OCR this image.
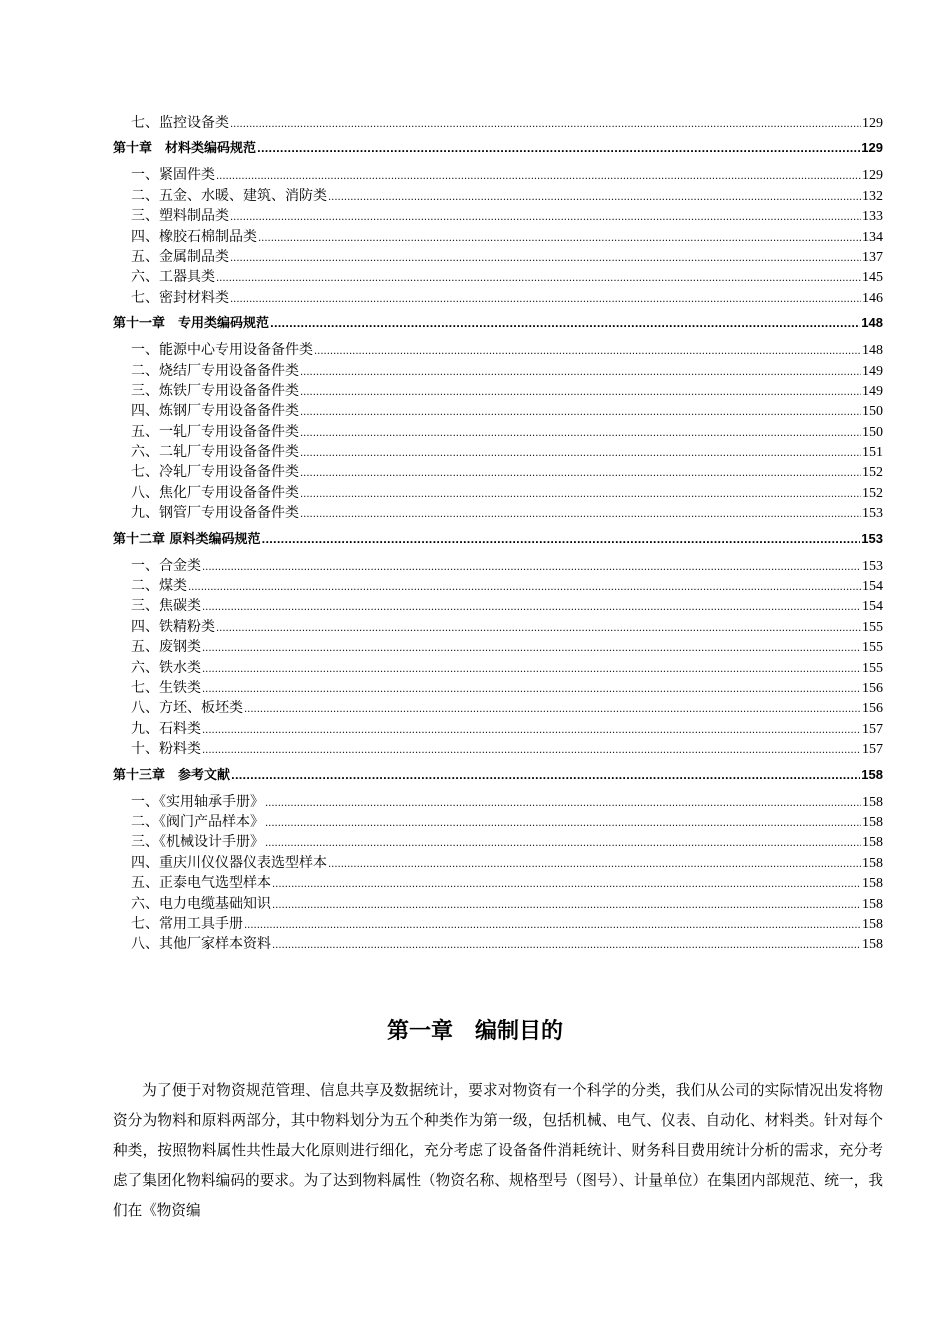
七、监控设备类 .....	129
第十章　材料类编码规范 .....	129
一、紧固件类 .....	129
二、五金、水暖、建筑、消防类 .....	132
三、塑料制品类 .....	133
四、橡胶石棉制品类 .....	134
五、金属制品类 .....	137
六、工器具类 .....	145
七、密封材料类 .....	146
第十一章　专用类编码规范 .....	148
一、能源中心专用设备备件类 .....	148
二、烧结厂专用设备备件类 .....	149
三、炼铁厂专用设备备件类 .....	149
四、炼钢厂专用设备备件类 .....	150
五、一轧厂专用设备备件类 .....	150
六、二轧厂专用设备备件类 .....	151
七、冷轧厂专用设备备件类 .....	152
八、焦化厂专用设备备件类 .....	152
九、钢管厂专用设备备件类 .....	153
第十二章 原料类编码规范 .....	153
一、合金类 .....	153
二、煤类 .....	154
三、焦碳类 .....	154
四、铁精粉类 .....	155
五、废钢类 .....	155
六、铁水类 .....	155
七、生铁类 .....	156
八、方坯、板坯类 .....	156
九、石料类 .....	157
十、粉料类 .....	157
第十三章　参考文献 .....	158
一、《实用轴承手册》 .....	158
二、《阀门产品样本》 .....	158
三、《机械设计手册》 .....	158
四、重庆川仪仪器仪表选型样本 .....	158
五、正泰电气选型样本 .....	158
六、电力电缆基础知识 .....	158
七、常用工具手册 .....	158
八、其他厂家样本资料 .....	158
第一章　编制目的
为了便于对物资规范管理、信息共享及数据统计，要求对物资有一个科学的分类，我们从公司的实际情况出发将物资分为物料和原料两部分，其中物料划分为五个种类作为第一级，包括机械、电气、仪表、自动化、材料类。针对每个种类，按照物料属性共性最大化原则进行细化，充分考虑了设备备件消耗统计、财务科目费用统计分析的需求，充分考虑了集团化物料编码的要求。为了达到物料属性（物资名称、规格型号（图号）、计量单位）在集团内部规范、统一，我们在《物资编
